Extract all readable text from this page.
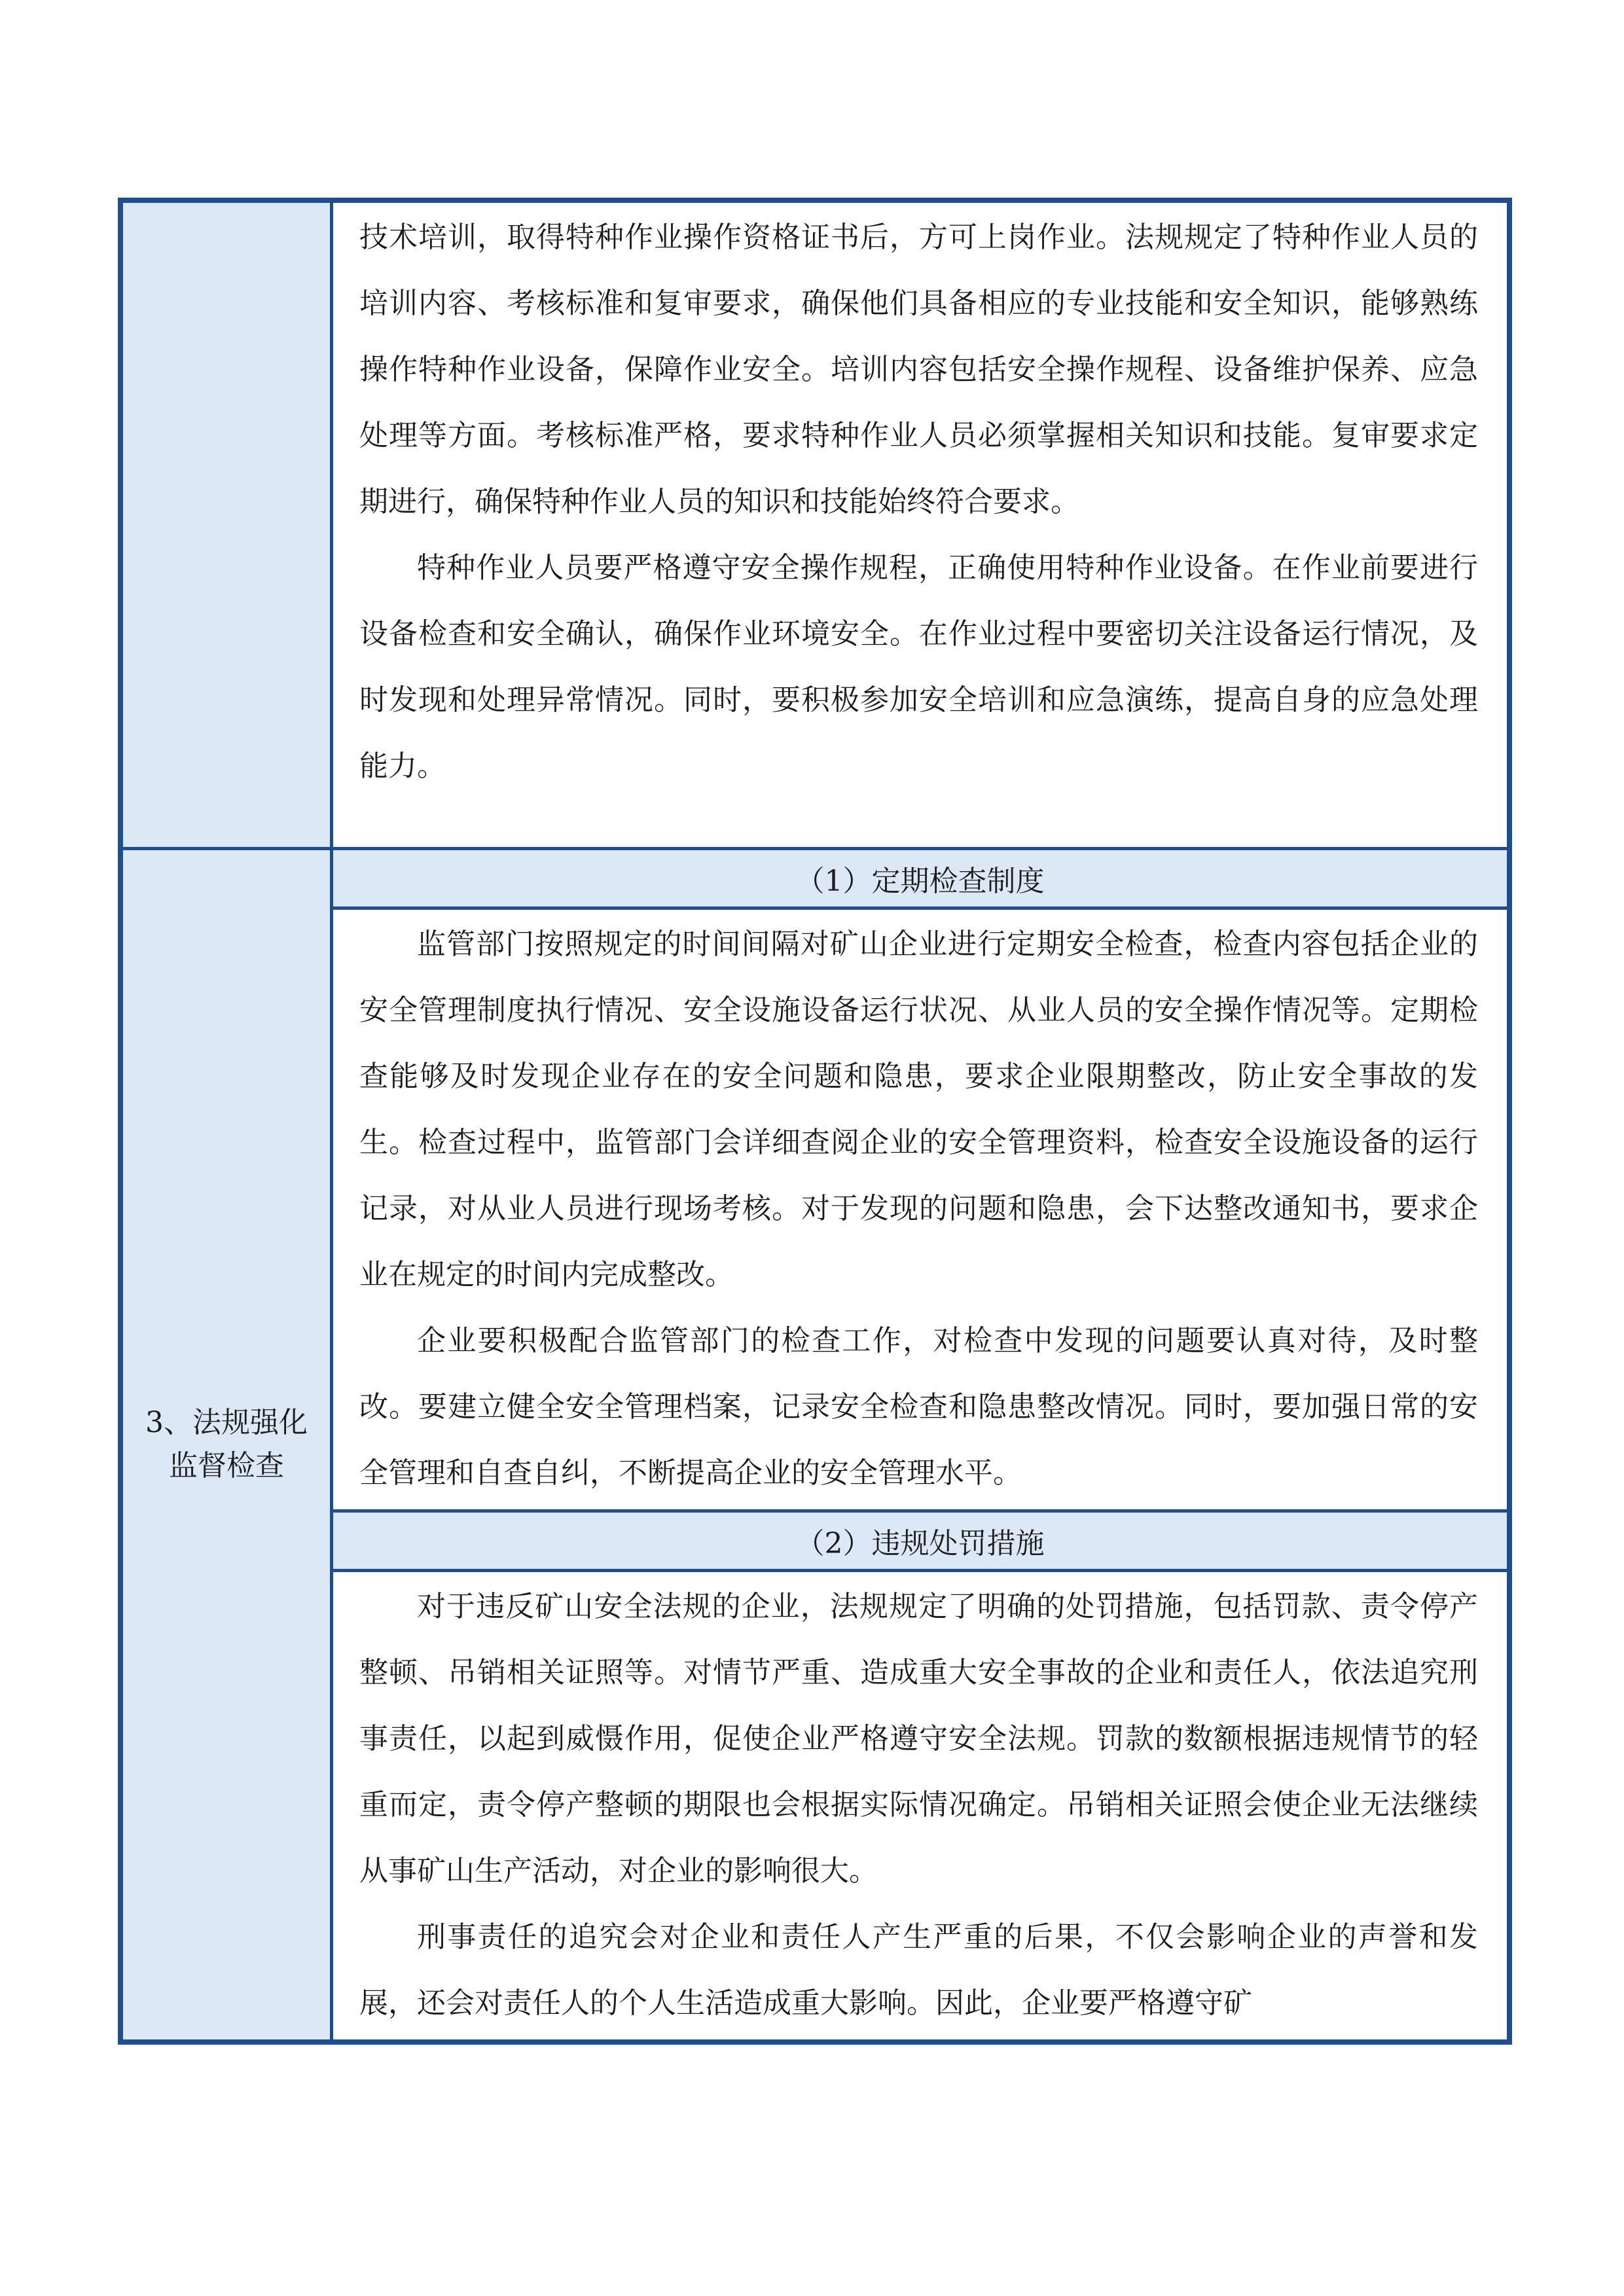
	技术培训，取得特种作业操作资格证书后，方可上岗作业。法规规定了特种作业人员的培训内容、考核标准和复审要求，确保他们具备相应的专业技能和安全知识，能够熟练操作特种作业设备，保障作业安全。培训内容包括安全操作规程、设备维护保养、应急处理等方面。考核标准严格，要求特种作业人员必须掌握相关知识和技能。复审要求定期进行，确保特种作业人员的知识和技能始终符合要求。

特种作业人员要严格遵守安全操作规程，正确使用特种作业设备。在作业前要进行设备检查和安全确认，确保作业环境安全。在作业过程中要密切关注设备运行情况，及时发现和处理异常情况。同时，要积极参加安全培训和应急演练，提高自身的应急处理能力。

3、法规强化监督检查	（1）定期检查制度

	监管部门按照规定的时间间隔对矿山企业进行定期安全检查，检查内容包括企业的安全管理制度执行情况、安全设施设备运行状况、从业人员的安全操作情况等。定期检查能够及时发现企业存在的安全问题和隐患，要求企业限期整改，防止安全事故的发生。检查过程中，监管部门会详细查阅企业的安全管理资料，检查安全设施设备的运行记录，对从业人员进行现场考核。对于发现的问题和隐患，会下达整改通知书，要求企业在规定的时间内完成整改。

企业要积极配合监管部门的检查工作，对检查中发现的问题要认真对待，及时整改。要建立健全安全管理档案，记录安全检查和隐患整改情况。同时，要加强日常的安全管理和自查自纠，不断提高企业的安全管理水平。

	（2）违规处罚措施

	对于违反矿山安全法规的企业，法规规定了明确的处罚措施，包括罚款、责令停产整顿、吊销相关证照等。对情节严重、造成重大安全事故的企业和责任人，依法追究刑事责任，以起到威慑作用，促使企业严格遵守安全法规。罚款的数额根据违规情节的轻重而定，责令停产整顿的期限也会根据实际情况确定。吊销相关证照会使企业无法继续从事矿山生产活动，对企业的影响很大。

刑事责任的追究会对企业和责任人产生严重的后果，不仅会影响企业的声誉和发展，还会对责任人的个人生活造成重大影响。因此，企业要严格遵守矿
